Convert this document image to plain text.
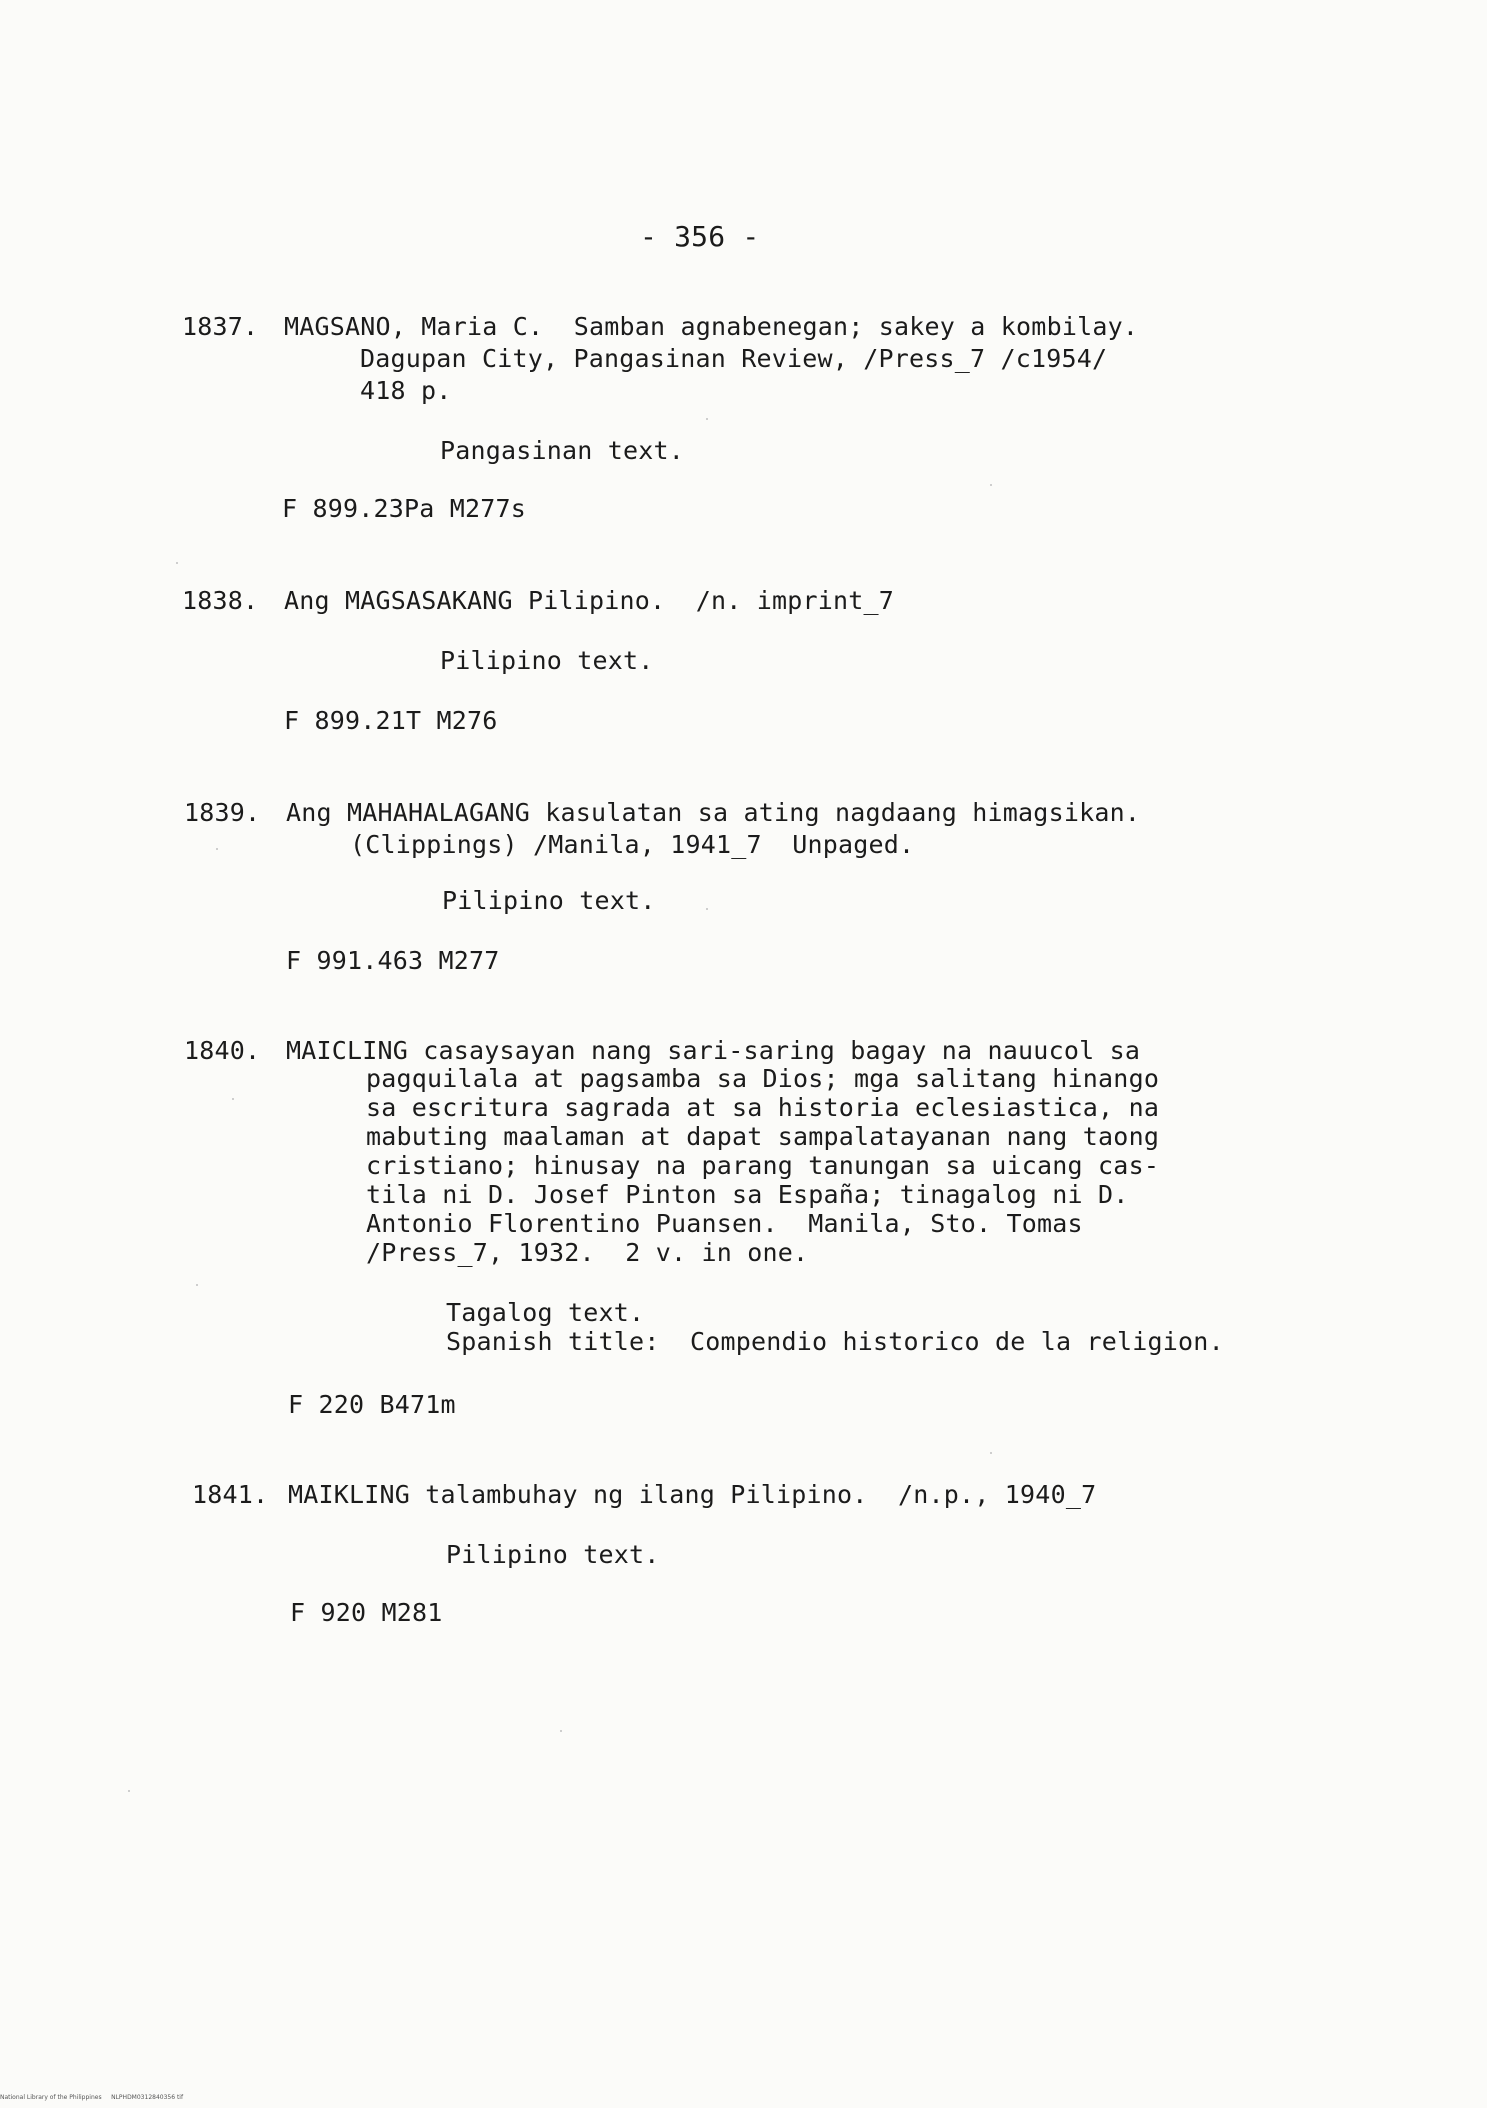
- 356 -
1837. MAGSANO, Maria C.  Samban agnabenegan; sakey a kombilay.
Dagupan City, Pangasinan Review, /Press_7 /c1954/
418 p.
Pangasinan text.
F 899.23Pa M277s
1838. Ang MAGSASAKANG Pilipino.  /n. imprint_7
Pilipino text.
F 899.21T M276
1839. Ang MAHAHALAGANG kasulatan sa ating nagdaang himagsikan.
(Clippings) /Manila, 1941_7  Unpaged.
Pilipino text.
F 991.463 M277
1840. MAICLING casaysayan nang sari-saring bagay na nauucol sa
pagquilala at pagsamba sa Dios; mga salitang hinango
sa escritura sagrada at sa historia eclesiastica, na
mabuting maalaman at dapat sampalatayanan nang taong
cristiano; hinusay na parang tanungan sa uicang cas-
tila ni D. Josef Pinton sa España; tinagalog ni D.
Antonio Florentino Puansen.  Manila, Sto. Tomas
/Press_7, 1932.  2 v. in one.
Tagalog text.
Spanish title:  Compendio historico de la religion.
F 220 B471m
1841. MAIKLING talambuhay ng ilang Pilipino.  /n.p., 1940_7
Pilipino text.
F 920 M281
National Library of the Philippines     NLPHDM0312840356 tif
